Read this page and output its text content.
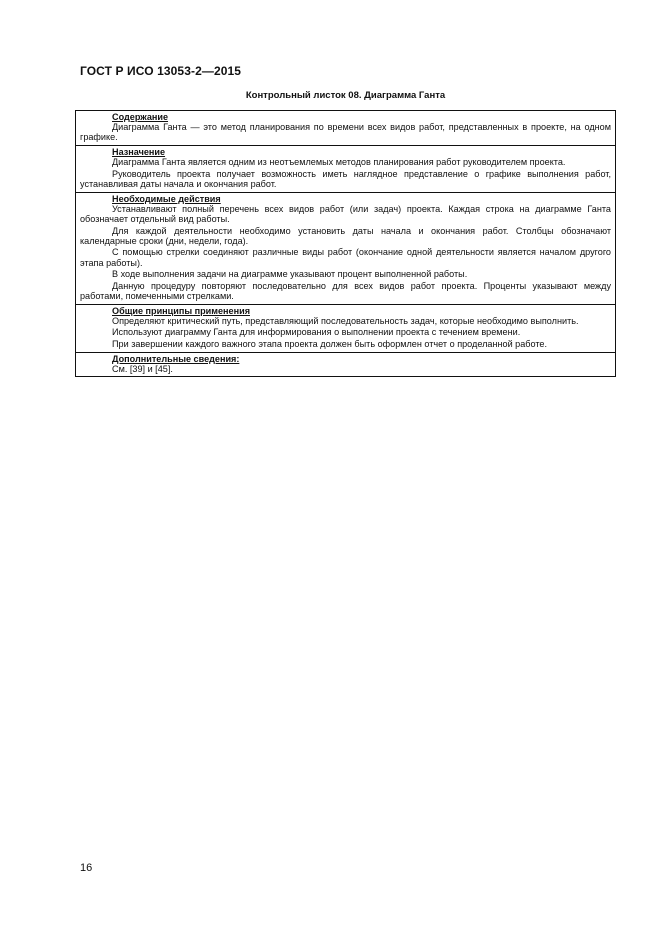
ГОСТ Р ИСО 13053-2—2015
Контрольный листок 08. Диаграмма Ганта
Содержание

Диаграмма Ганта — это метод планирования по времени всех видов работ, представленных в проекте, на одном графике.

Назначение

Диаграмма Ганта является одним из неотъемлемых методов планирования работ руководителем проекта.

Руководитель проекта получает возможность иметь наглядное представление о графике выполнения работ, устанавливая даты начала и окончания работ.

Необходимые действия

Устанавливают полный перечень всех видов работ (или задач) проекта. Каждая строка на диаграмме Ганта обозначает отдельный вид работы.

Для каждой деятельности необходимо установить даты начала и окончания работ. Столбцы обозначают календарные сроки (дни, недели, года).

С помощью стрелки соединяют различные виды работ (окончание одной деятельности является началом другого этапа работы).

В ходе выполнения задачи на диаграмме указывают процент выполненной работы.

Данную процедуру повторяют последовательно для всех видов работ проекта. Проценты указывают между работами, помеченными стрелками.

Общие принципы применения

Определяют критический путь, представляющий последовательность задач, которые необходимо выполнить.

Используют диаграмму Ганта для информирования о выполнении проекта с течением времени.

При завершении каждого важного этапа проекта должен быть оформлен отчет о проделанной работе.

Дополнительные сведения:

См. [39] и [45].

16
